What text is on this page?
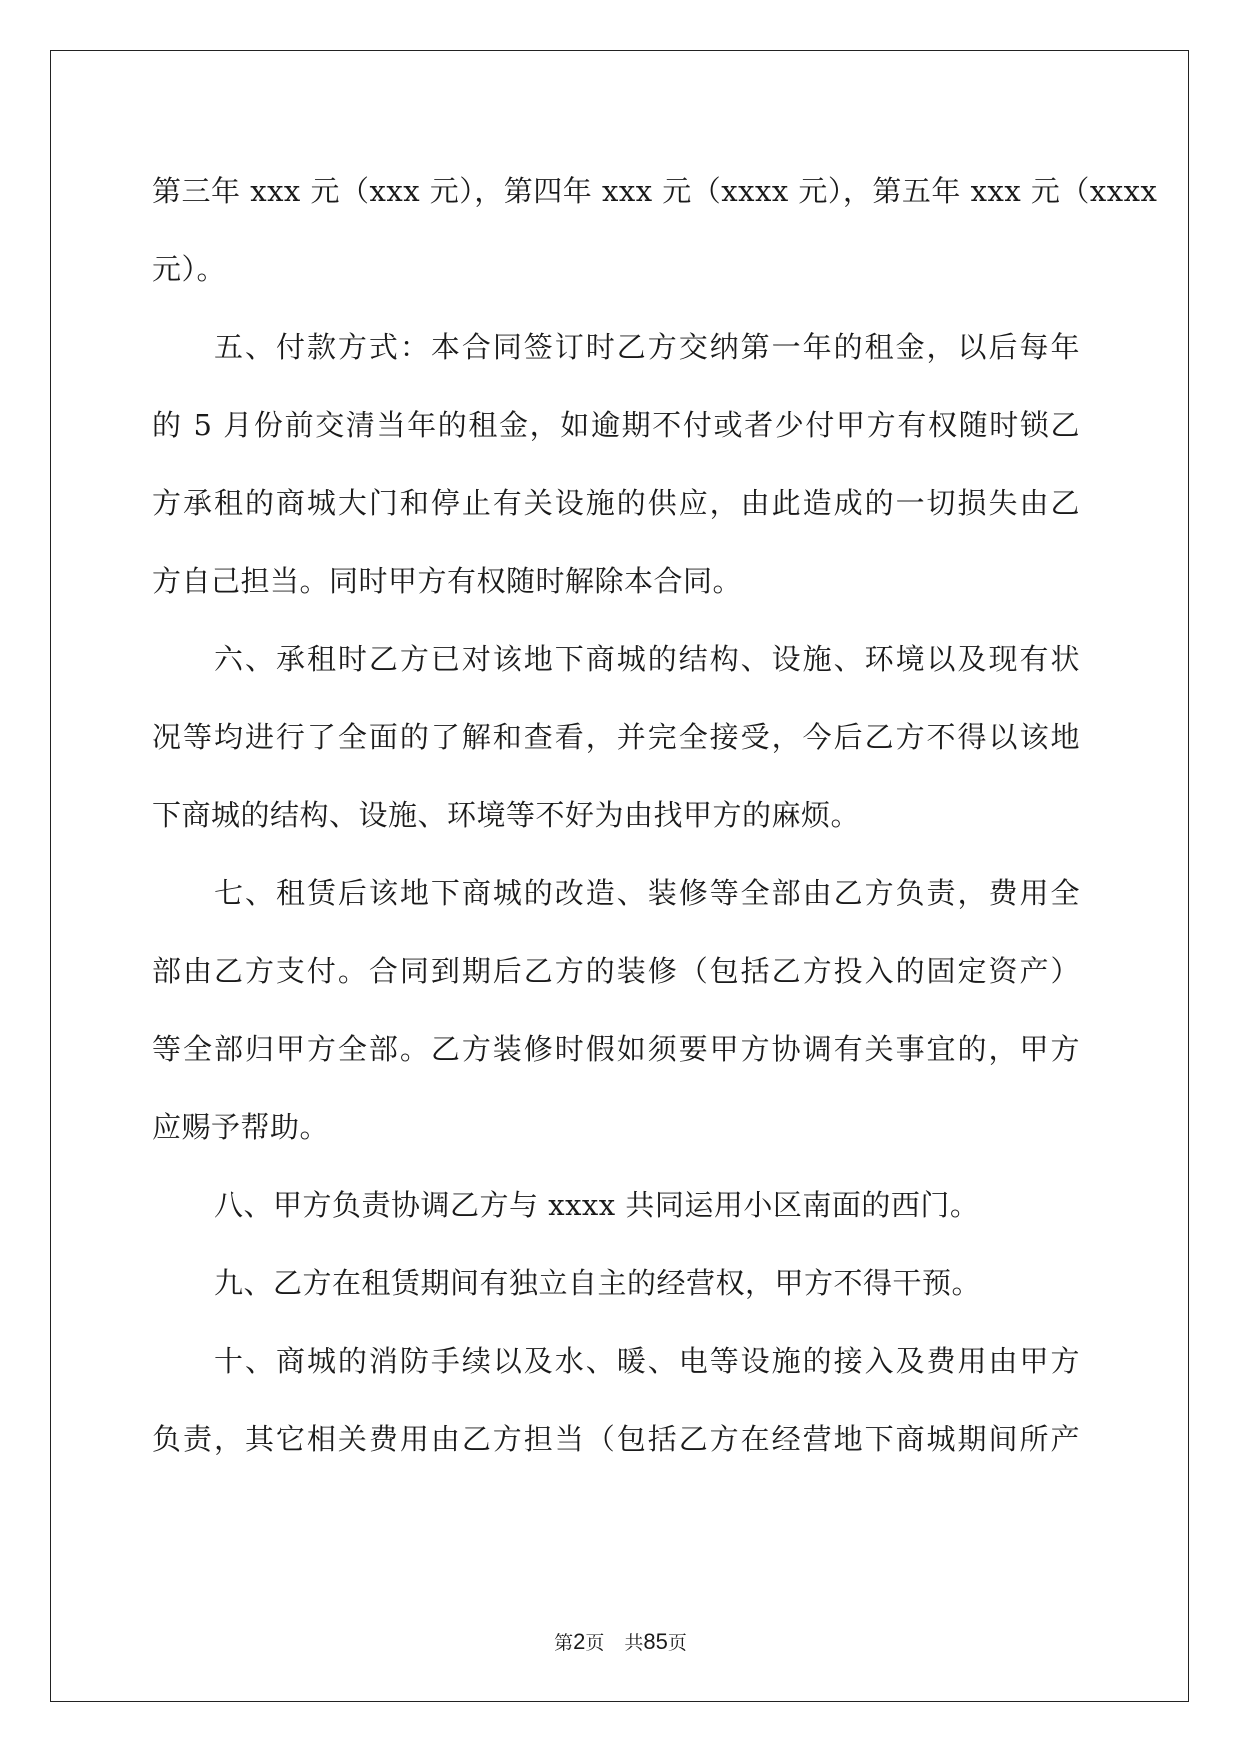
第三年 xxx 元（xxx 元），第四年 xxx 元（xxxx 元），第五年 xxx 元（xxxx
元）。
五、付款方式：本合同签订时乙方交纳第一年的租金，以后每年
的 5 月份前交清当年的租金，如逾期不付或者少付甲方有权随时锁乙
方承租的商城大门和停止有关设施的供应，由此造成的一切损失由乙
方自己担当。同时甲方有权随时解除本合同。
六、承租时乙方已对该地下商城的结构、设施、环境以及现有状
况等均进行了全面的了解和查看，并完全接受，今后乙方不得以该地
下商城的结构、设施、环境等不好为由找甲方的麻烦。
七、租赁后该地下商城的改造、装修等全部由乙方负责，费用全
部由乙方支付。合同到期后乙方的装修（包括乙方投入的固定资产）
等全部归甲方全部。乙方装修时假如须要甲方协调有关事宜的，甲方
应赐予帮助。
八、甲方负责协调乙方与 xxxx 共同运用小区南面的西门。
九、乙方在租赁期间有独立自主的经营权，甲方不得干预。
十、商城的消防手续以及水、暖、电等设施的接入及费用由甲方
负责，其它相关费用由乙方担当（包括乙方在经营地下商城期间所产
第2页 共85页
